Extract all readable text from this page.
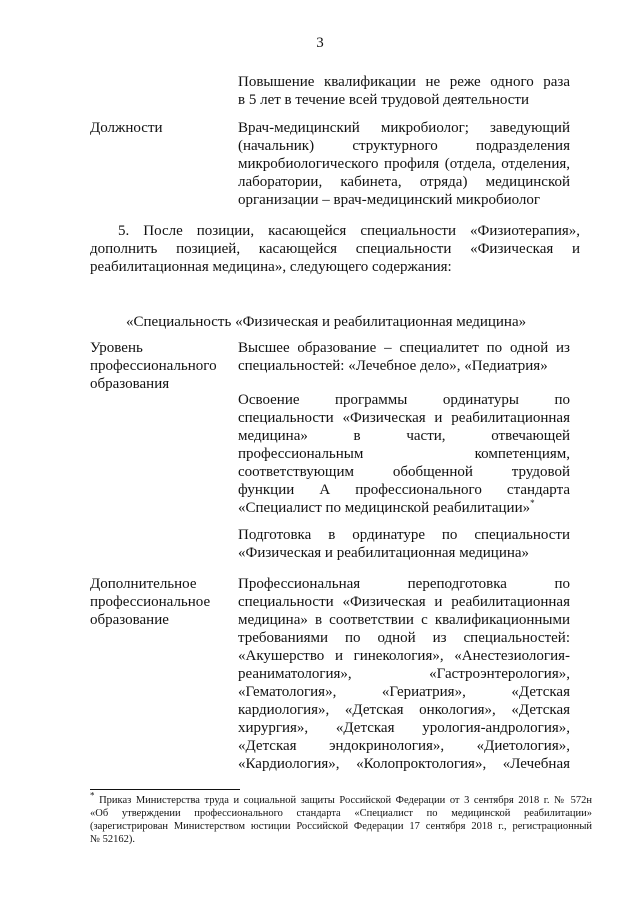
3
Повышение квалификации не реже одного раза
в 5 лет в течение всей трудовой деятельности
Должности	Врач-медицинский микробиолог; заведующий
(начальник) структурного подразделения
микробиологического профиля (отдела, отделения,
лаборатории, кабинета, отряда) медицинской
организации – врач-медицинский микробиолог
5. После позиции, касающейся специальности «Физиотерапия»,
дополнить позицией, касающейся специальности «Физическая и
реабилитационная медицина», следующего содержания:
«Специальность «Физическая и реабилитационная медицина»
Уровень
профессионального
образования
Высшее образование – специалитет по одной из
специальностей: «Лечебное дело», «Педиатрия»
Освоение программы ординатуры по
специальности «Физическая и реабилитационная
медицина» в части, отвечающей
профессиональным компетенциям,
соответствующим обобщенной трудовой
функции А профессионального стандарта
«Специалист по медицинской реабилитации»*
Подготовка в ординатуре по специальности
«Физическая и реабилитационная медицина»
Дополнительное
профессиональное
образование
Профессиональная переподготовка по
специальности «Физическая и реабилитационная
медицина» в соответствии с квалификационными
требованиями по одной из специальностей:
«Акушерство и гинекология», «Анестезиология-
реаниматология», «Гастроэнтерология»,
«Гематология», «Гериатрия», «Детская
кардиология», «Детская онкология», «Детская
хирургия», «Детская урология-андрология»,
«Детская эндокринология», «Диетология»,
«Кардиология», «Колопроктология», «Лечебная
* Приказ Министерства труда и социальной защиты Российской Федерации от 3 сентября 2018 г. № 572н
«Об утверждении профессионального стандарта «Специалист по медицинской реабилитации»
(зарегистрирован Министерством юстиции Российской Федерации 17 сентября 2018 г., регистрационный
№ 52162).
